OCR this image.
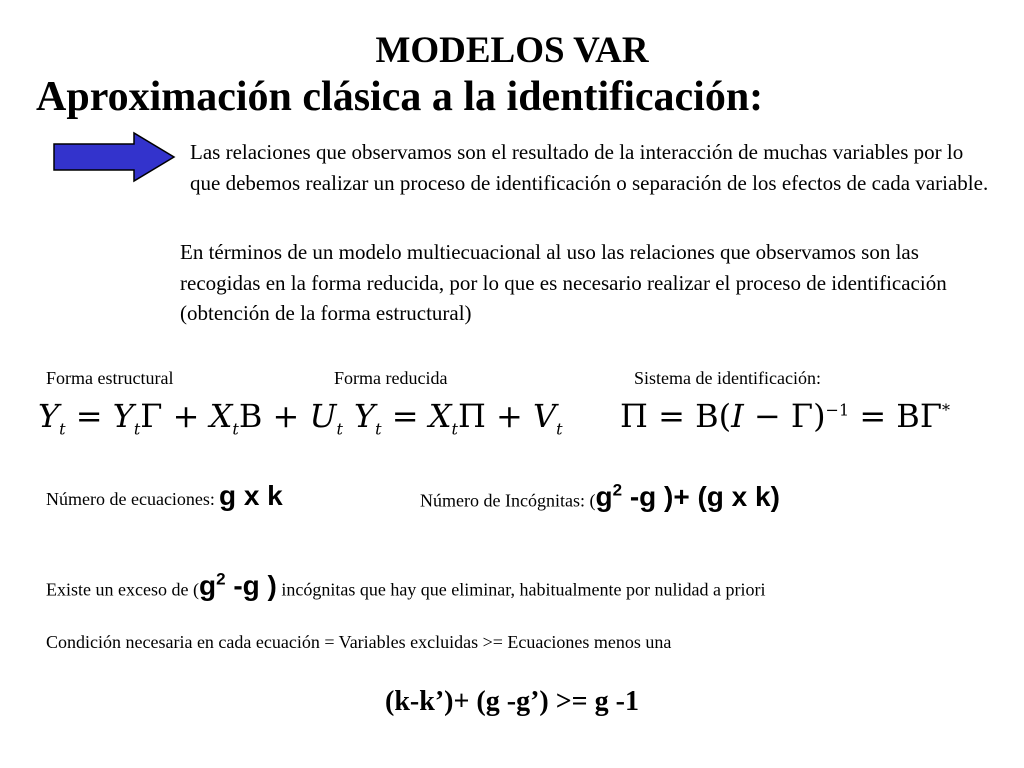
MODELOS VAR
Aproximación clásica a la identificación:
Las relaciones que observamos son el resultado de la interacción de muchas variables por lo que debemos realizar un proceso de identificación o separación de los efectos de cada variable.
En términos de un modelo multiecuacional al uso las relaciones que observamos son las recogidas en la forma reducida, por lo que es necesario realizar el proceso de identificación (obtención de la forma estructural)
Forma estructural	Forma reducida	Sistema de identificación:
$Y_t = Y_t\Gamma + X_tB + U_t$ $Y_t = X_t\Pi + V_t$ $\Pi = B(I - \Gamma)^{-1} = B\Gamma^*$
Número de ecuaciones: g x k	Número de Incógnitas: ($g^2$ -g )+ (g x k)
Existe un exceso de ($g^2$ -g ) incógnitas que hay que eliminar, habitualmente por nulidad a priori
Condición necesaria en cada ecuación = Variables excluidas >= Ecuaciones menos una
(k-k’)+ (g -g’) >= g -1
